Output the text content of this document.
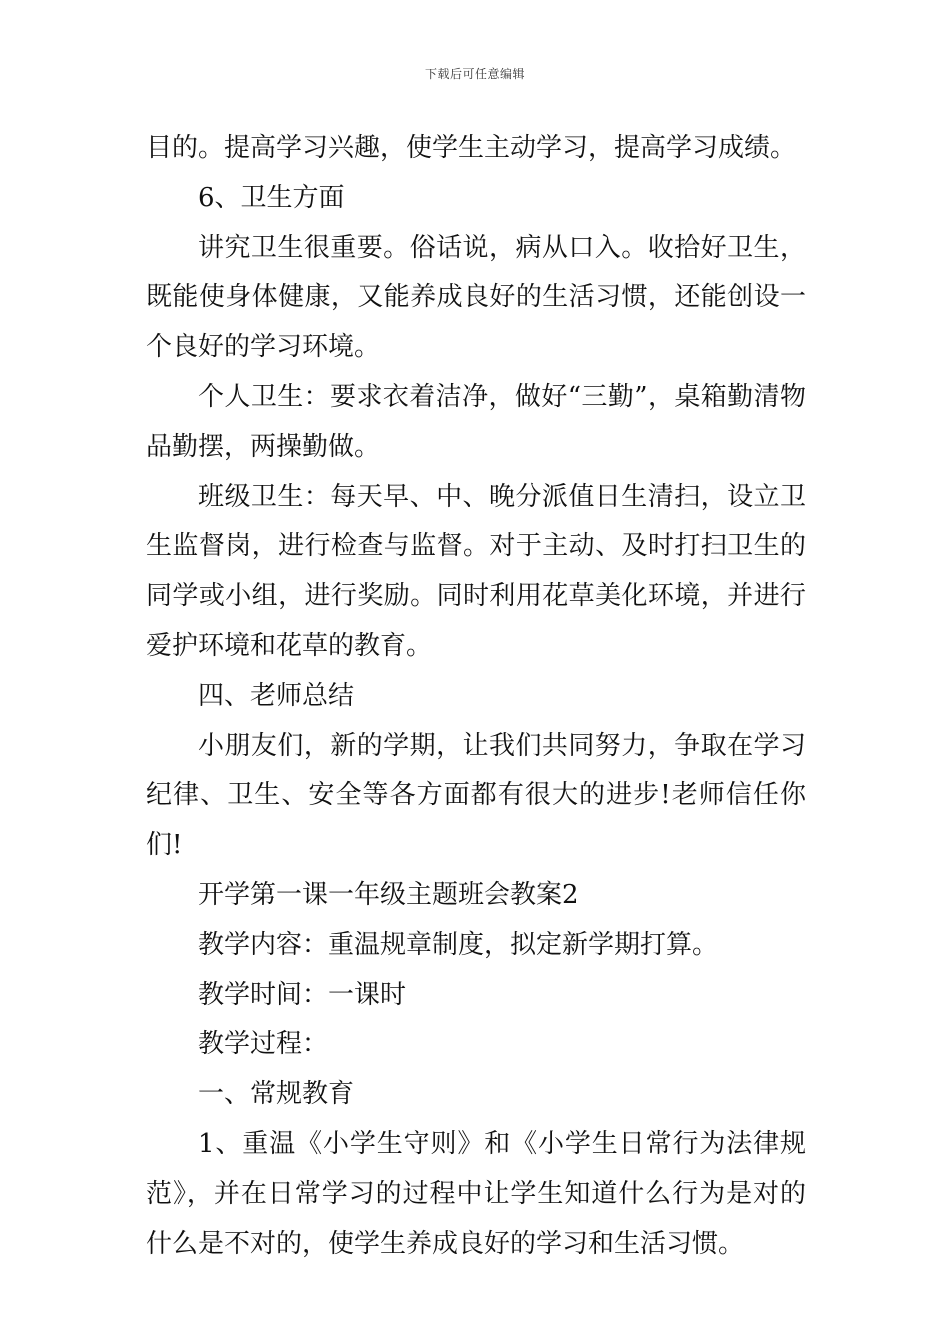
下载后可任意编辑

目的。提高学习兴趣，使学生主动学习，提高学习成绩。

6、卫生方面

讲究卫生很重要。俗话说，病从口入。收拾好卫生，既能使身体健康，又能养成良好的生活习惯，还能创设一个良好的学习环境。

个人卫生：要求衣着洁净，做好“三勤”，桌箱勤清物品勤摆，两操勤做。

班级卫生：每天早、中、晚分派值日生清扫，设立卫生监督岗，进行检查与监督。对于主动、及时打扫卫生的同学或小组，进行奖励。同时利用花草美化环境，并进行爱护环境和花草的教育。

四、老师总结

小朋友们，新的学期，让我们共同努力，争取在学习纪律、卫生、安全等各方面都有很大的进步!老师信任你们!

开学第一课一年级主题班会教案2

教学内容：重温规章制度，拟定新学期打算。

教学时间：一课时

教学过程：

一、常规教育

1、重温《小学生守则》和《小学生日常行为法律规范》，并在日常学习的过程中让学生知道什么行为是对的什么是不对的，使学生养成良好的学习和生活习惯。
